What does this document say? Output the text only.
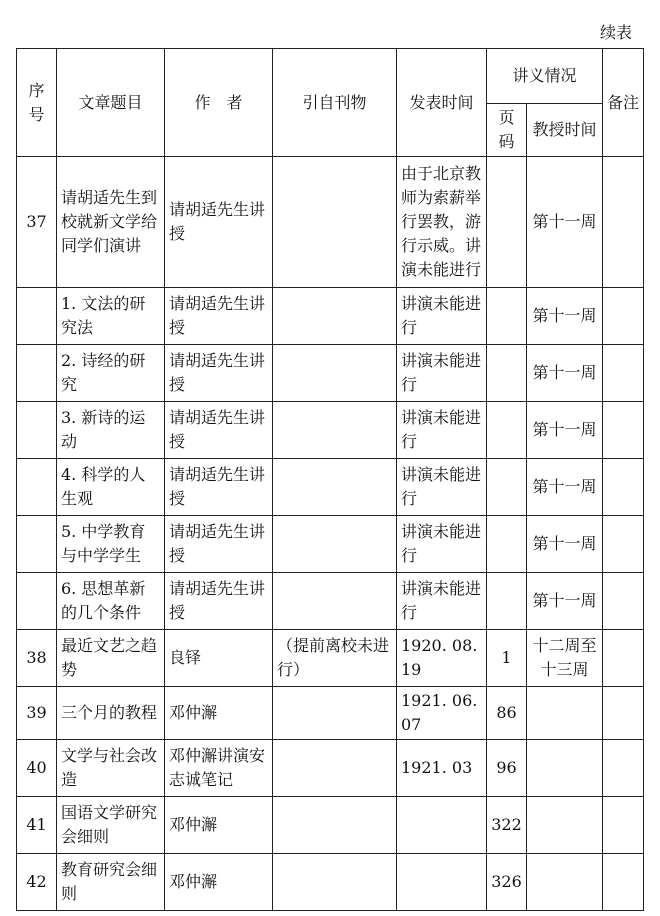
续表
序号	文章题目	作　者	引自刊物	发表时间	讲义情况		备注
					页码	教授时间	
37	请胡适先生到校就新文学给同学们演讲	请胡适先生讲授		由于北京教师为索薪举行罢教，游行示威。讲演未能进行		第十一周	
	1. 文法的研究法	请胡适先生讲授		讲演未能进行		第十一周	
	2. 诗经的研究	请胡适先生讲授		讲演未能进行		第十一周	
	3. 新诗的运动	请胡适先生讲授		讲演未能进行		第十一周	
	4. 科学的人生观	请胡适先生讲授		讲演未能进行		第十一周	
	5. 中学教育与中学学生	请胡适先生讲授		讲演未能进行		第十一周	
	6. 思想革新的几个条件	请胡适先生讲授		讲演未能进行		第十一周	
38	最近文艺之趋势	良铎	（提前离校未进行）	1920. 08. 19	1	十二周至十三周	
39	三个月的教程	邓仲澥		1921. 06. 07	86		
40	文学与社会改造	邓仲澥讲演安志诚笔记		1921. 03	96		
41	国语文学研究会细则	邓仲澥			322		
42	教育研究会细则	邓仲澥			326		
